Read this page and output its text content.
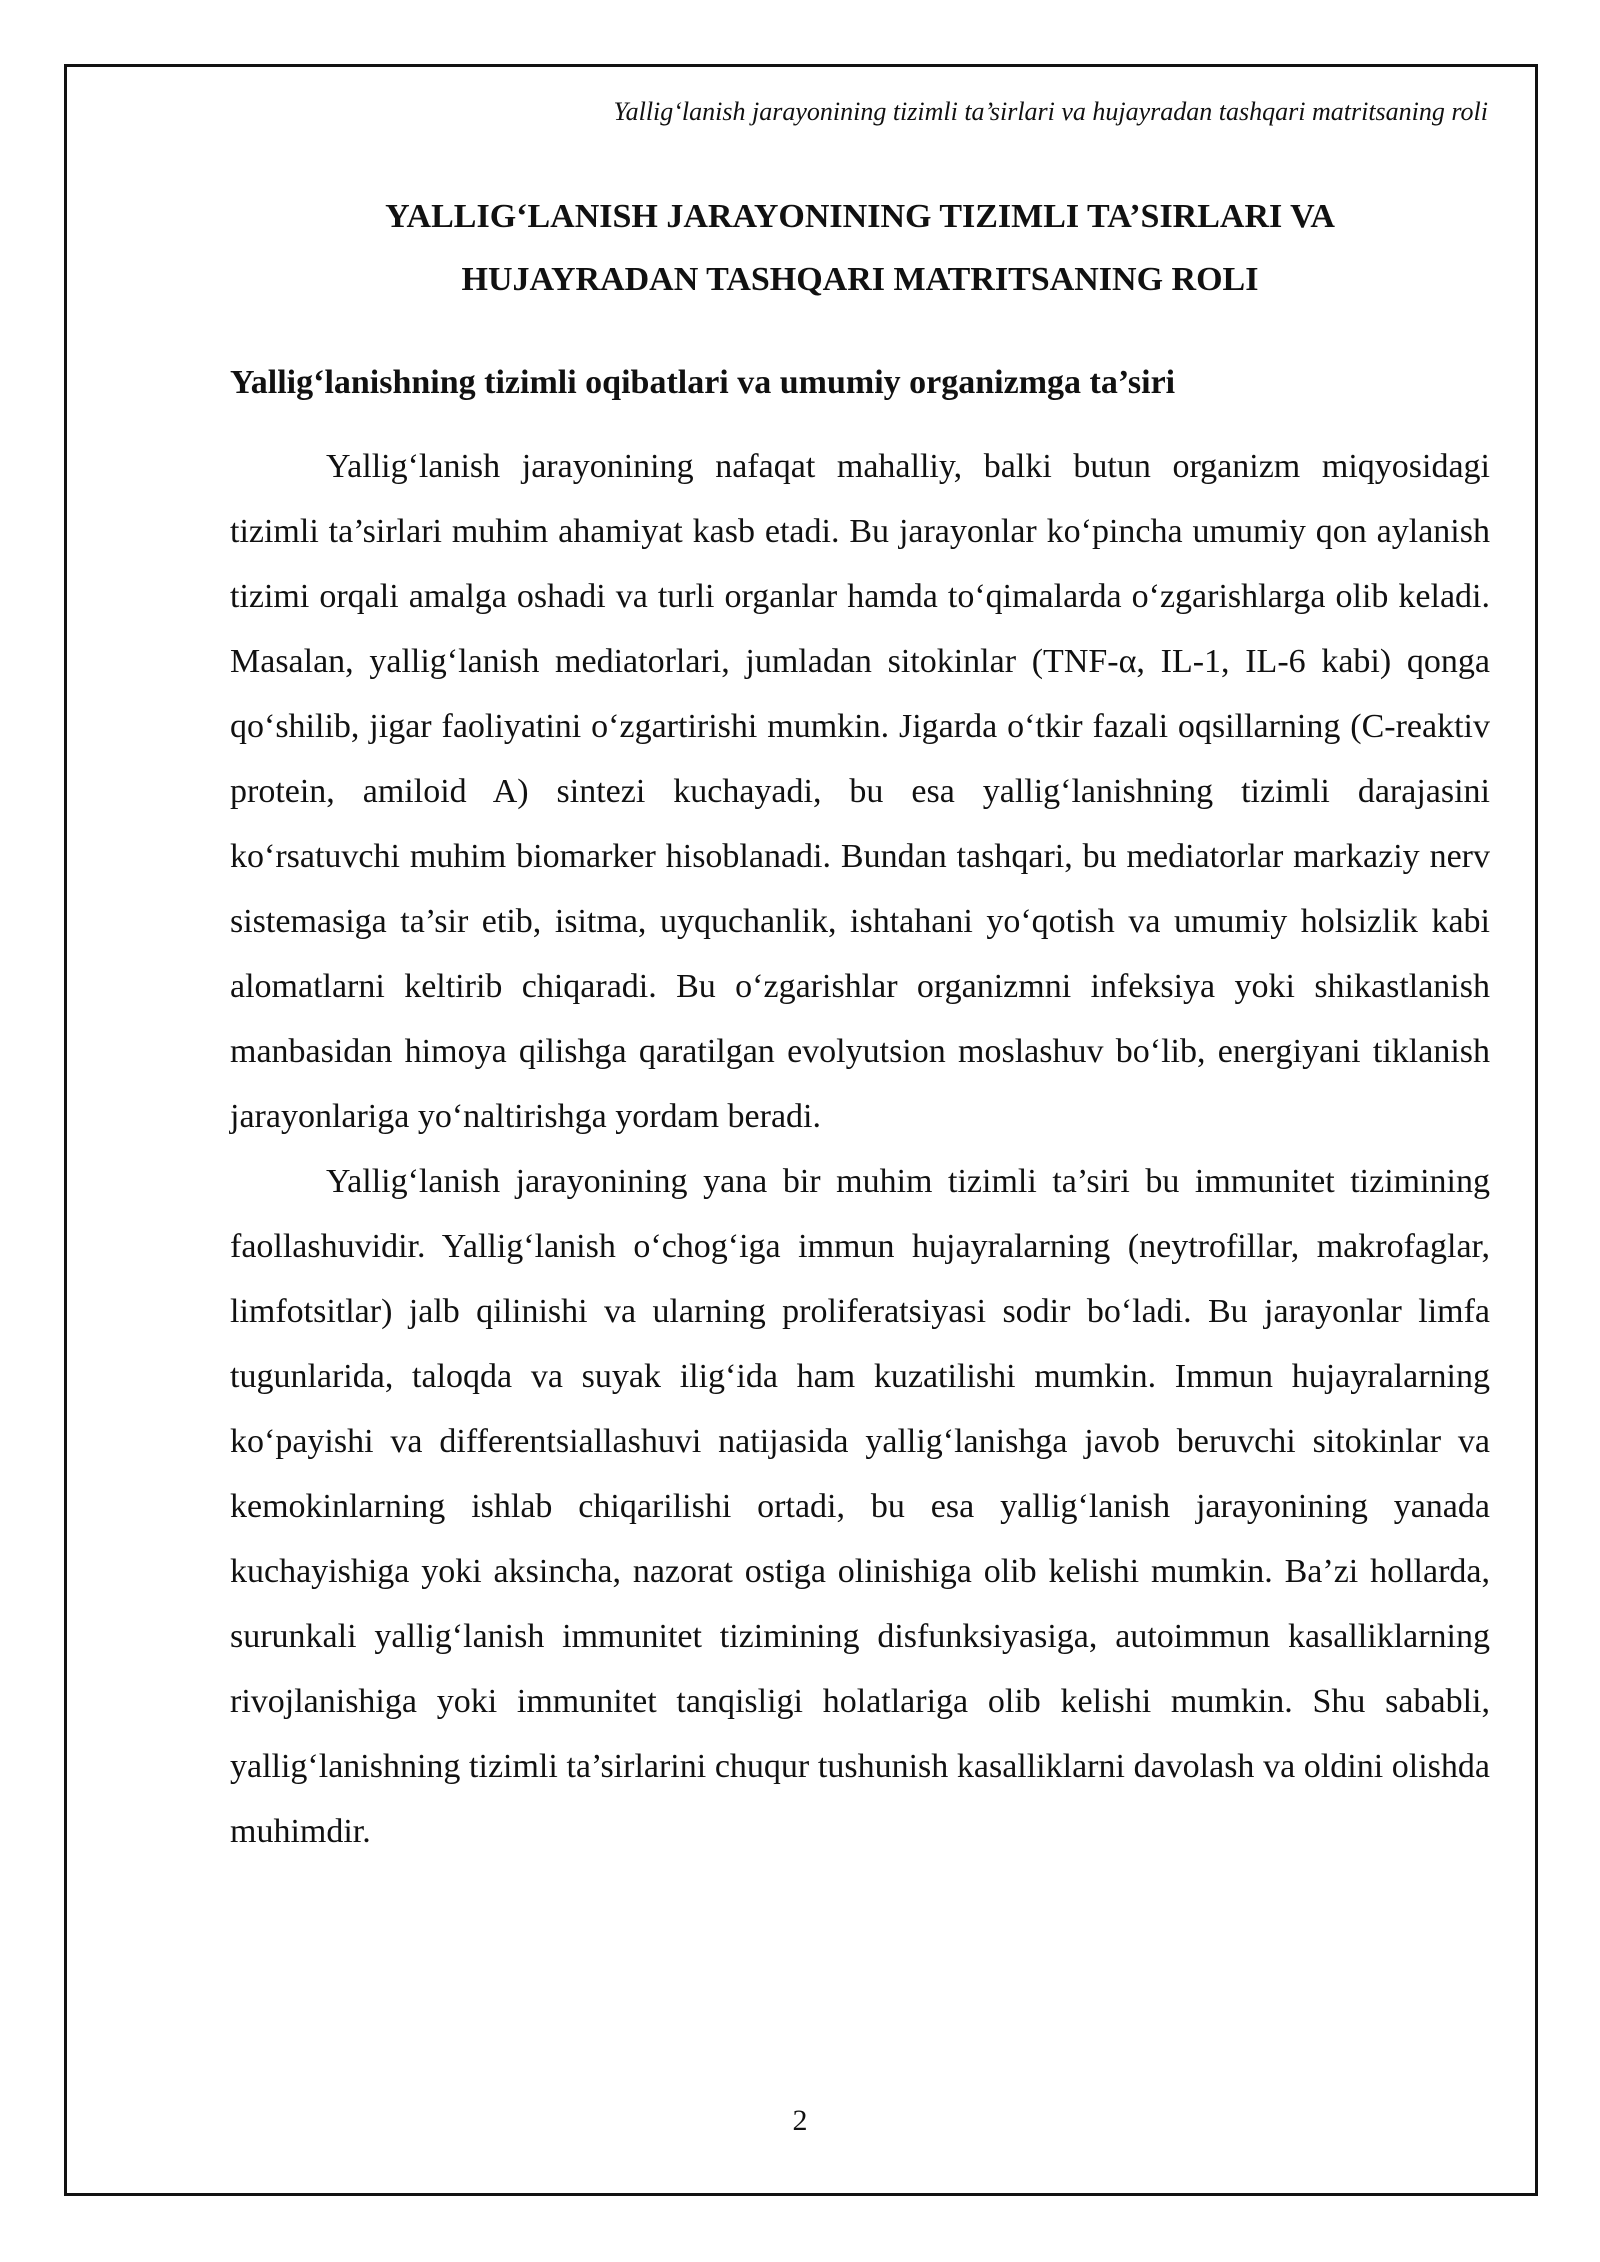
Yallig‘lanish jarayonining tizimli ta’sirlari va hujayradan tashqari matritsaning roli
YALLIG‘LANISH JARAYONINING TIZIMLI TA’SIRLARI VA
HUJAYRADAN TASHQARI MATRITSANING ROLI
Yallig‘lanishning tizimli oqibatlari va umumiy organizmga ta’siri

Yallig‘lanish jarayonining nafaqat mahalliy, balki butun organizm miqyosidagi tizimli ta’sirlari muhim ahamiyat kasb etadi. Bu jarayonlar ko‘pincha umumiy qon aylanish tizimi orqali amalga oshadi va turli organlar hamda to‘qimalarda o‘zgarishlarga olib keladi. Masalan, yallig‘lanish mediatorlari, jumladan sitokinlar (TNF-α, IL-1, IL-6 kabi) qonga qo‘shilib, jigar faoliyatini o‘zgartirishi mumkin. Jigarda o‘tkir fazali oqsillarning (C-reaktiv protein, amiloid A) sintezi kuchayadi, bu esa yallig‘lanishning tizimli darajasini ko‘rsatuvchi muhim biomarker hisoblanadi. Bundan tashqari, bu mediatorlar markaziy nerv sistemasiga ta’sir etib, isitma, uyquchanlik, ishtahani yo‘qotish va umumiy holsizlik kabi alomatlarni keltirib chiqaradi. Bu o‘zgarishlar organizmni infeksiya yoki shikastlanish manbasidan himoya qilishga qaratilgan evolyutsion moslashuv bo‘lib, energiyani tiklanish jarayonlariga yo‘naltirishga yordam beradi.

Yallig‘lanish jarayonining yana bir muhim tizimli ta’siri bu immunitet tizimining faollashuvidir. Yallig‘lanish o‘chog‘iga immun hujayralarning (neytrofillar, makrofaglar, limfotsitlar) jalb qilinishi va ularning proliferatsiyasi sodir bo‘ladi. Bu jarayonlar limfa tugunlarida, taloqda va suyak ilig‘ida ham kuzatilishi mumkin. Immun hujayralarning ko‘payishi va differentsiallashuvi natijasida yallig‘lanishga javob beruvchi sitokinlar va kemokinlarning ishlab chiqarilishi ortadi, bu esa yallig‘lanish jarayonining yanada kuchayishiga yoki aksincha, nazorat ostiga olinishiga olib kelishi mumkin. Ba’zi hollarda, surunkali yallig‘lanish immunitet tizimining disfunksiyasiga, autoimmun kasalliklarning rivojlanishiga yoki immunitet tanqisligi holatlariga olib kelishi mumkin. Shu sababli, yallig‘lanishning tizimli ta’sirlarini chuqur tushunish kasalliklarni davolash va oldini olishda muhimdir.

2
